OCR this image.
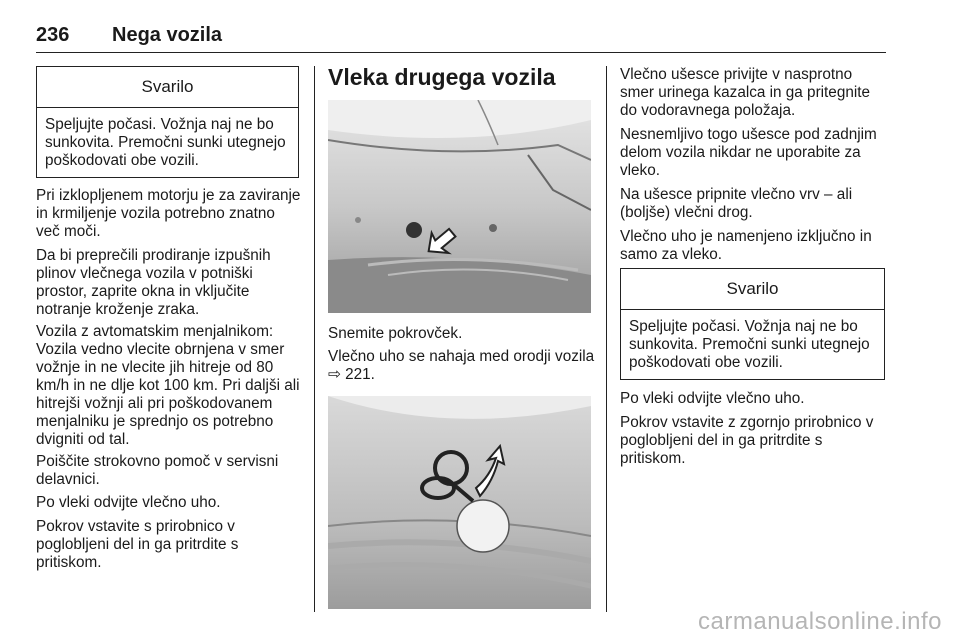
236 Nega vozila
Svarilo
Speljujte počasi. Vožnja naj ne bo sunkovita. Premočni sunki utegnejo poškodovati obe vozili.

Pri izklopljenem motorju je za zaviranje in krmiljenje vozila potrebno znatno več moči.

Da bi preprečili prodiranje izpušnih plinov vlečnega vozila v potniški prostor, zaprite okna in vključite notranje kroženje zraka.

Vozila z avtomatskim menjalnikom: Vozila vedno vlecite obrnjena v smer vožnje in ne vlecite jih hitreje od 80 km/h in ne dlje kot 100 km. Pri daljši ali hitrejši vožnji ali pri poškodovanem menjalniku je sprednjo os potrebno dvigniti od tal.

Poiščite strokovno pomoč v servisni delavnici.

Po vleki odvijte vlečno uho.

Pokrov vstavite s prirobnico v poglobljeni del in ga pritrdite s pritiskom.

Vleka drugega vozila

Snemite pokrovček.

Vlečno uho se nahaja med orodji vozila ⇨ 221.

Vlečno ušesce privijte v nasprotno smer urinega kazalca in ga pritegnite do vodoravnega položaja.

Nesnemljivo togo ušesce pod zadnjim delom vozila nikdar ne uporabite za vleko.

Na ušesce pripnite vlečno vrv – ali (boljše) vlečni drog.

Vlečno uho je namenjeno izključno in samo za vleko.

Svarilo
Speljujte počasi. Vožnja naj ne bo sunkovita. Premočni sunki utegnejo poškodovati obe vozili.

Po vleki odvijte vlečno uho.

Pokrov vstavite z zgornjo prirobnico v poglobljeni del in ga pritrdite s pritiskom.

carmanualsonline.info
